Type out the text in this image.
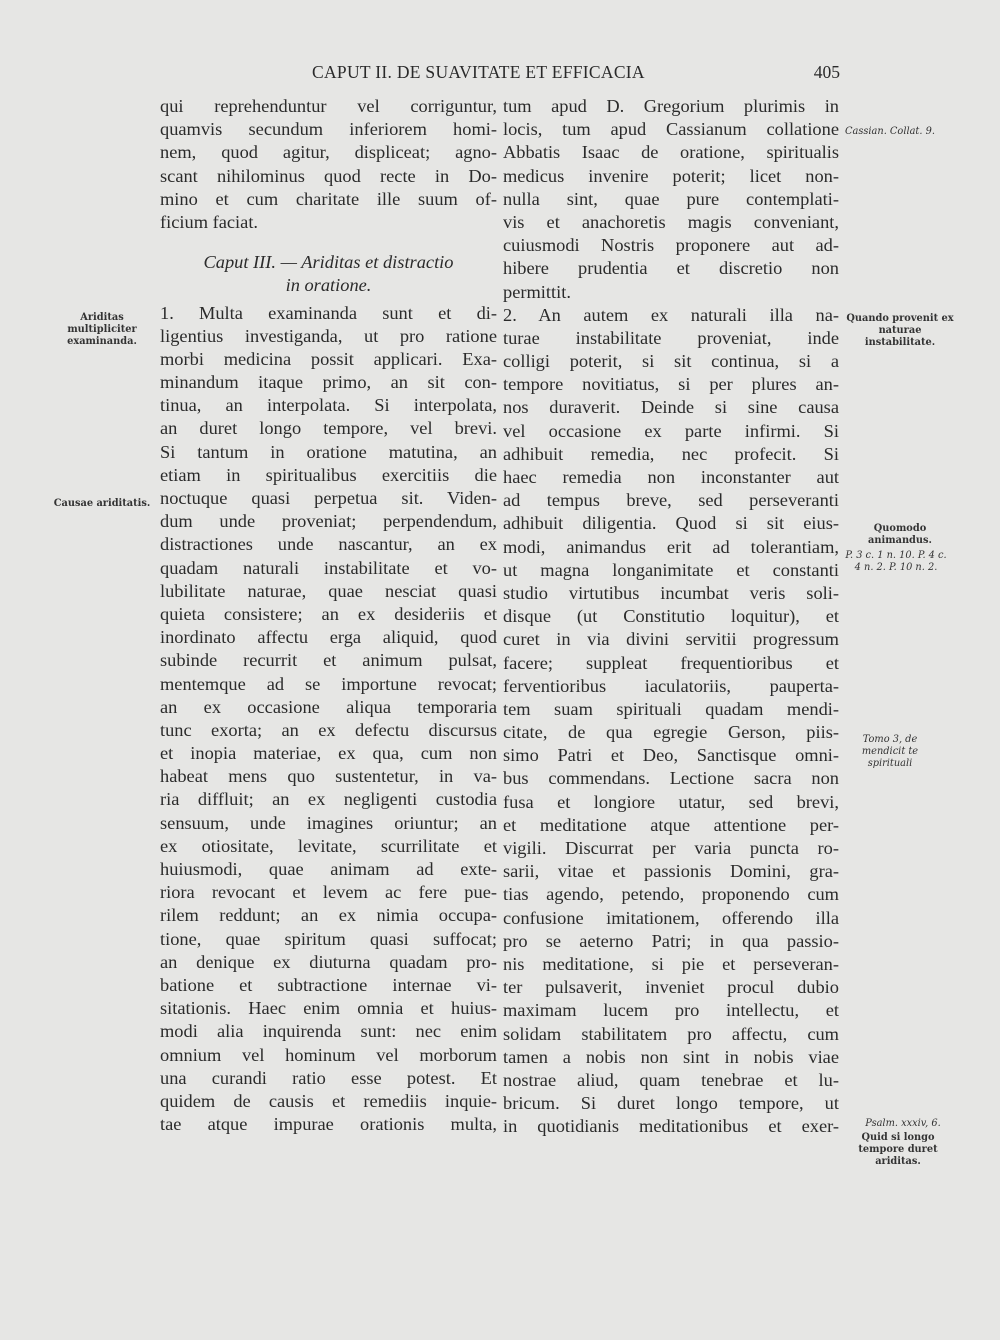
CAPUT II. DE SUAVITATE ET EFFICACIA	405
qui reprehenduntur vel corriguntur,
quamvis secundum inferiorem homi-
nem, quod agitur, displiceat; agno-
scant nihilominus quod recte in Do-
mino et cum charitate ille suum of-
ficium faciat.
Caput III. — Ariditas et distractio
in oratione.
1. Multa examinanda sunt et di-
ligentius investiganda, ut pro ratione
morbi medicina possit applicari. Exa-
minandum itaque primo, an sit con-
tinua, an interpolata. Si interpolata,
an duret longo tempore, vel brevi.
Si tantum in oratione matutina, an
etiam in spiritualibus exercitiis die
noctuque quasi perpetua sit. Viden-
dum unde proveniat; perpendendum,
distractiones unde nascantur, an ex
quadam naturali instabilitate et vo-
lubilitate naturae, quae nesciat quasi
quieta consistere; an ex desideriis et
inordinato affectu erga aliquid, quod
subinde recurrit et animum pulsat,
mentemque ad se importune revocat;
an ex occasione aliqua temporaria
tunc exorta; an ex defectu discursus
et inopia materiae, ex qua, cum non
habeat mens quo sustentetur, in va-
ria diffluit; an ex negligenti custodia
sensuum, unde imagines oriuntur; an
ex otiositate, levitate, scurrilitate et
huiusmodi, quae animam ad exte-
riora revocant et levem ac fere pue-
rilem reddunt; an ex nimia occupa-
tione, quae spiritum quasi suffocat;
an denique ex diuturna quadam pro-
batione et subtractione internae vi-
sitationis. Haec enim omnia et huius-
modi alia inquirenda sunt: nec enim
omnium vel hominum vel morborum
una curandi ratio esse potest. Et
quidem de causis et remediis inquie-
tae atque impurae orationis multa,
tum apud D. Gregorium plurimis in
locis, tum apud Cassianum collatione
Abbatis Isaac de oratione, spiritualis
medicus invenire poterit; licet non-
nulla sint, quae pure contemplati-
vis et anachoretis magis conveniant,
cuiusmodi Nostris proponere aut ad-
hibere prudentia et discretio non
permittit.
2. An autem ex naturali illa na-
turae instabilitate proveniat, inde
colligi poterit, si sit continua, si a
tempore novitiatus, si per plures an-
nos duraverit. Deinde si sine causa
vel occasione ex parte infirmi. Si
adhibuit remedia, nec profecit. Si
haec remedia non inconstanter aut
ad tempus breve, sed perseveranti
adhibuit diligentia. Quod si sit eius-
modi, animandus erit ad tolerantiam,
ut magna longanimitate et constanti
studio virtutibus incumbat veris soli-
disque (ut Constitutio loquitur), et
curet in via divini servitii progressum
facere; suppleat frequentioribus et
ferventioribus iaculatoriis, pauperta-
tem suam spirituali quadam mendi-
citate, de qua egregie Gerson, piis-
simo Patri et Deo, Sanctisque omni-
bus commendans. Lectione sacra non
fusa et longiore utatur, sed brevi,
et meditatione atque attentione per-
vigili. Discurrat per varia puncta ro-
sarii, vitae et passionis Domini, gra-
tias agendo, petendo, proponendo cum
confusione imitationem, offerendo illa
pro se aeterno Patri; in qua passio-
nis meditatione, si pie et perseveran-
ter pulsaverit, inveniet procul dubio
maximam lucem pro intellectu, et
solidam stabilitatem pro affectu, cum
tamen a nobis non sint in nobis viae
nostrae aliud, quam tenebrae et lu-
bricum. Si duret longo tempore, ut
in quotidianis meditationibus et exer-
Ariditas multipliciter examinanda.
Causae ariditatis.
Cassian. Collat. 9.
Quando provenit ex naturae instabilitate.
Quomodo animandus.
P. 3 c. 1 n. 10. P. 4 c. 4 n. 2. P. 10 n. 2.
Tomo 3, de mendicit te spirituali
Psalm. xxxiv, 6.
Quid si longo tempore duret ariditas.
